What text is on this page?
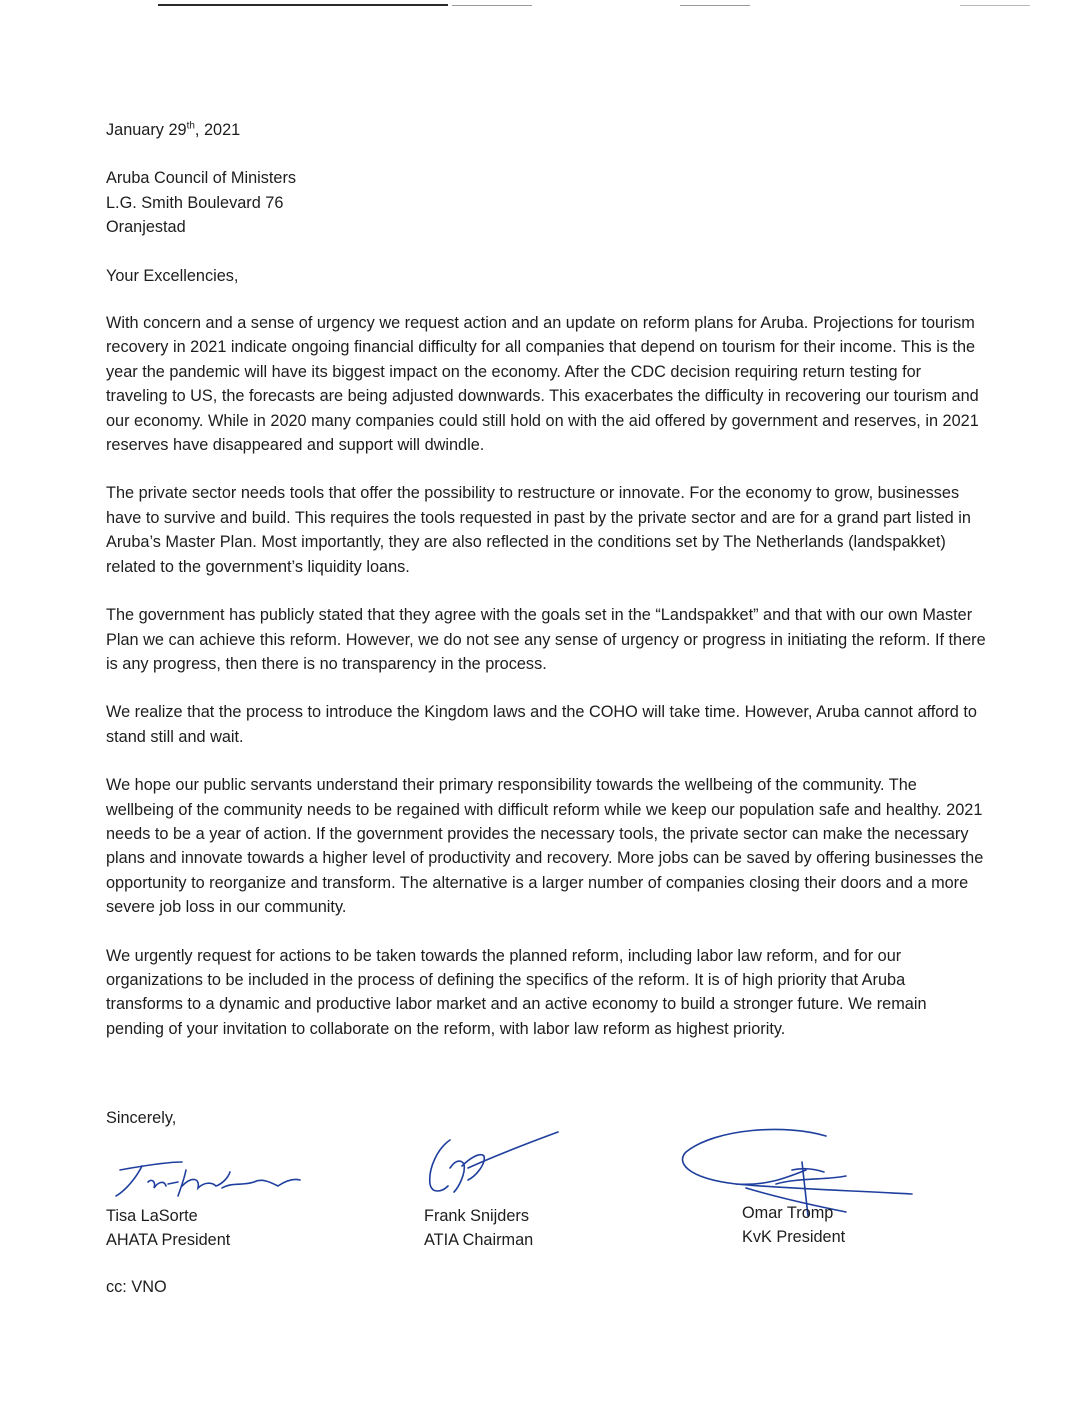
January 29th, 2021

Aruba Council of Ministers
L.G. Smith Boulevard 76
Oranjestad

Your Excellencies,

With concern and a sense of urgency we request action and an update on reform plans for Aruba. Projections for tourism recovery in 2021 indicate ongoing financial difficulty for all companies that depend on tourism for their income. This is the year the pandemic will have its biggest impact on the economy. After the CDC decision requiring return testing for traveling to US, the forecasts are being adjusted downwards. This exacerbates the difficulty in recovering our tourism and our economy. While in 2020 many companies could still hold on with the aid offered by government and reserves, in 2021 reserves have disappeared and support will dwindle.

The private sector needs tools that offer the possibility to restructure or innovate. For the economy to grow, businesses have to survive and build. This requires the tools requested in past by the private sector and are for a grand part listed in Aruba’s Master Plan. Most importantly, they are also reflected in the conditions set by The Netherlands (landspakket) related to the government’s liquidity loans.

The government has publicly stated that they agree with the goals set in the “Landspakket” and that with our own Master Plan we can achieve this reform. However, we do not see any sense of urgency or progress in initiating the reform. If there is any progress, then there is no transparency in the process.

We realize that the process to introduce the Kingdom laws and the COHO will take time. However, Aruba cannot afford to stand still and wait.

We hope our public servants understand their primary responsibility towards the wellbeing of the community. The wellbeing of the community needs to be regained with difficult reform while we keep our population safe and healthy. 2021 needs to be a year of action. If the government provides the necessary tools, the private sector can make the necessary plans and innovate towards a higher level of productivity and recovery. More jobs can be saved by offering businesses the opportunity to reorganize and transform. The alternative is a larger number of companies closing their doors and a more severe job loss in our community.

We urgently request for actions to be taken towards the planned reform, including labor law reform, and for our organizations to be included in the process of defining the specifics of the reform. It is of high priority that Aruba transforms to a dynamic and productive labor market and an active economy to build a stronger future. We remain pending of your invitation to collaborate on the reform, with labor law reform as highest priority.

Sincerely,
Tisa LaSorte
AHATA President
Frank Snijders
ATIA Chairman
Omar Tromp
KvK President
cc: VNO
